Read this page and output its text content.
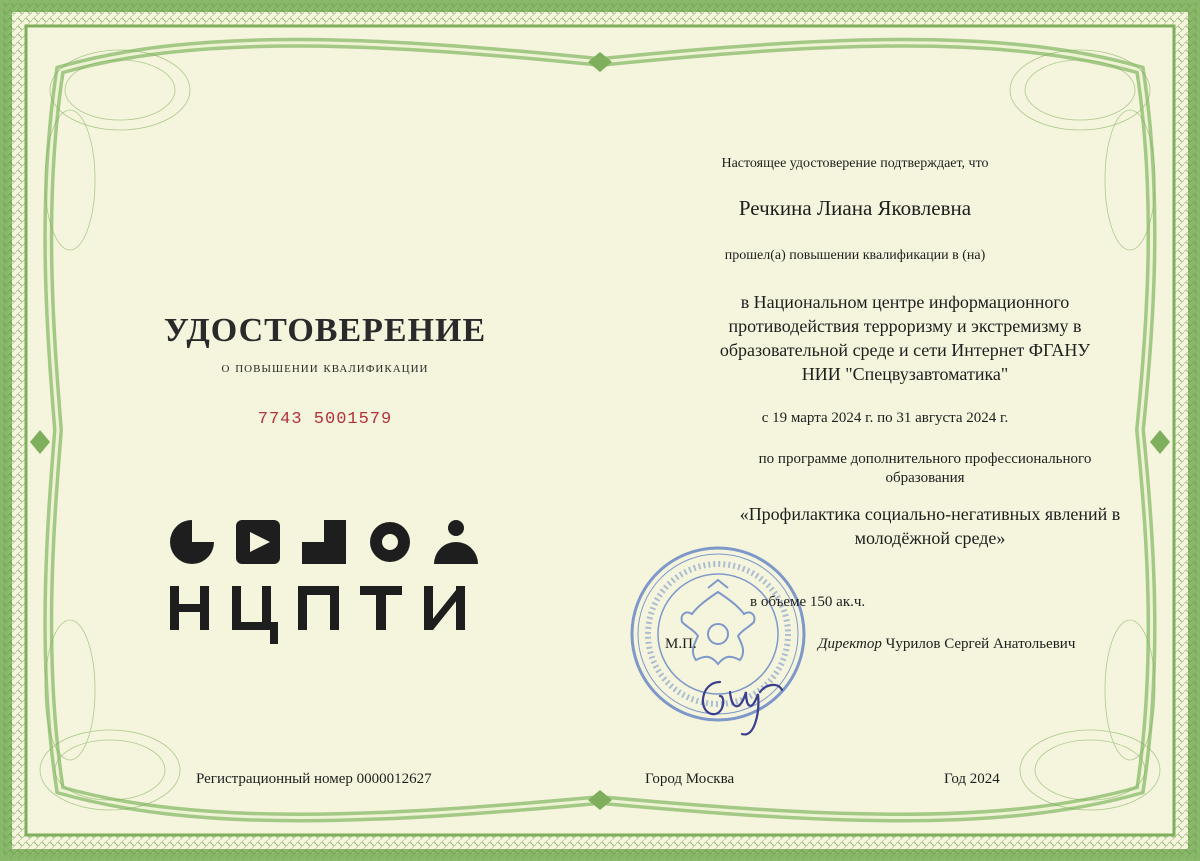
УДОСТОВЕРЕНИЕ

о повышении квалификации

7743 5001579

Настоящее удостоверение подтверждает, что

Речкина Лиана Яковлевна

прошел(а) повышении квалификации в (на)

в Национальном центре информационного противодействия терроризму и экстремизму в образовательной среде и сети Интернет ФГАНУ НИИ "Спецвузавтоматика"

с 19 марта 2024 г. по 31 августа 2024 г.

по программе дополнительного профессионального образования

«Профилактика социально-негативных явлений в молодёжной среде»

в объеме 150 ак.ч.

М.П.	Директор Чурилов Сергей Анатольевич

Регистрационный номер 0000012627	Город Москва	Год 2024
